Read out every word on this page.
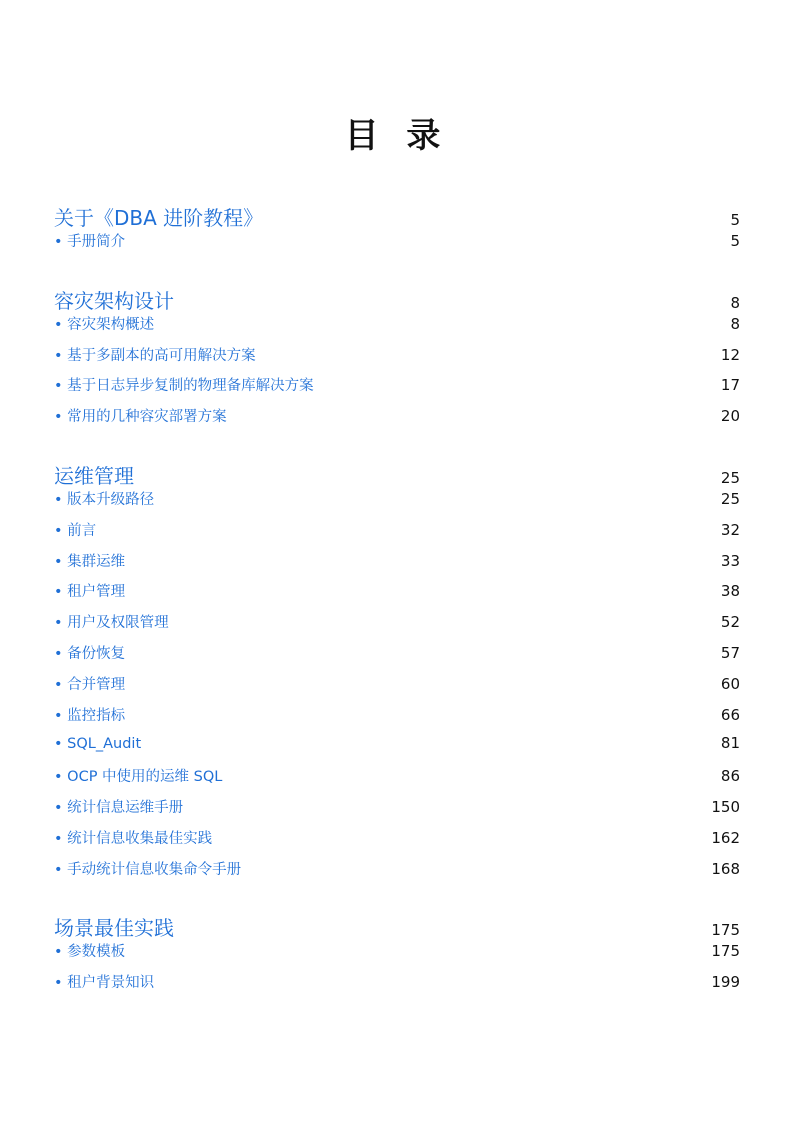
目 录
关于《DBA 进阶教程》	5
• 手册简介	5
容灾架构设计	8
• 容灾架构概述	8
• 基于多副本的高可用解决方案	12
• 基于日志异步复制的物理备库解决方案	17
• 常用的几种容灾部署方案	20
运维管理	25
• 版本升级路径	25
• 前言	32
• 集群运维	33
• 租户管理	38
• 用户及权限管理	52
• 备份恢复	57
• 合并管理	60
• 监控指标	66
• SQL_Audit	81
• OCP 中使用的运维 SQL	86
• 统计信息运维手册	150
• 统计信息收集最佳实践	162
• 手动统计信息收集命令手册	168
场景最佳实践	175
• 参数模板	175
• 租户背景知识	199
